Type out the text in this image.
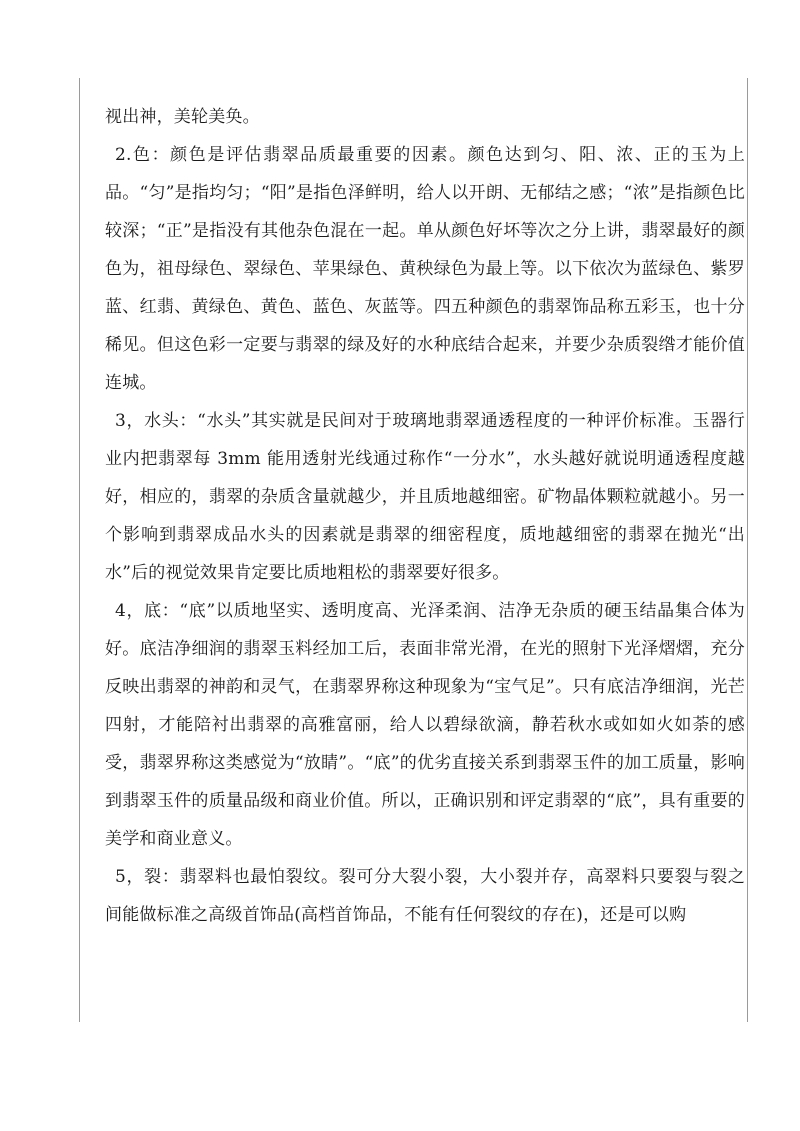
视出神，美轮美奂。

2.色：颜色是评估翡翠品质最重要的因素。颜色达到匀、阳、浓、正的玉为上品。“匀”是指均匀；“阳”是指色泽鲜明，给人以开朗、无郁结之感；“浓”是指颜色比较深；“正”是指没有其他杂色混在一起。单从颜色好坏等次之分上讲，翡翠最好的颜色为，祖母绿色、翠绿色、苹果绿色、黄秧绿色为最上等。以下依次为蓝绿色、紫罗蓝、红翡、黄绿色、黄色、蓝色、灰蓝等。四五种颜色的翡翠饰品称五彩玉，也十分稀见。但这色彩一定要与翡翠的绿及好的水种底结合起来，并要少杂质裂绺才能价值连城。

3，水头：“水头”其实就是民间对于玻璃地翡翠通透程度的一种评价标准。玉器行业内把翡翠每 3mm 能用透射光线通过称作“一分水”，水头越好就说明通透程度越好，相应的，翡翠的杂质含量就越少，并且质地越细密。矿物晶体颗粒就越小。另一个影响到翡翠成品水头的因素就是翡翠的细密程度，质地越细密的翡翠在抛光“出水”后的视觉效果肯定要比质地粗松的翡翠要好很多。

4，底：“底”以质地坚实、透明度高、光泽柔润、洁净无杂质的硬玉结晶集合体为好。底洁净细润的翡翠玉料经加工后，表面非常光滑，在光的照射下光泽熠熠，充分反映出翡翠的神韵和灵气，在翡翠界称这种现象为“宝气足”。只有底洁净细润，光芒四射，才能陪衬出翡翠的高雅富丽，给人以碧绿欲滴，静若秋水或如如火如荼的感受，翡翠界称这类感觉为“放睛”。“底”的优劣直接关系到翡翠玉件的加工质量，影响到翡翠玉件的质量品级和商业价值。所以，正确识别和评定翡翠的“底”，具有重要的美学和商业意义。

5，裂：翡翠料也最怕裂纹。裂可分大裂小裂，大小裂并存，高翠料只要裂与裂之间能做标准之高级首饰品(高档首饰品，不能有任何裂纹的存在)，还是可以购
